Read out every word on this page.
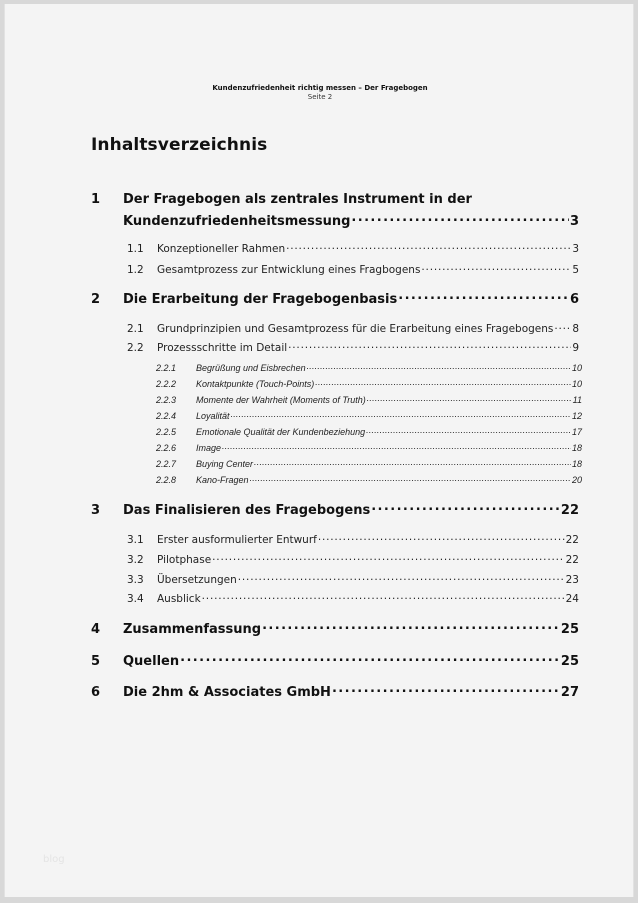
Kundenzufriedenheit richtig messen – Der Fragebogen
Seite 2
Inhaltsverzeichnis
1	Der Fragebogen als zentrales Instrument in der
Kundenzufriedenheitsmessung .....	3
1.1	Konzeptioneller Rahmen .....	3
1.2	Gesamtprozess zur Entwicklung eines Fragbogens .....	5
2	Die Erarbeitung der Fragebogenbasis .....	6
2.1	Grundprinzipien und Gesamtprozess für die Erarbeitung eines Fragebogens ..... 8
2.2	Prozessschritte im Detail .....	9
2.2.1	Begrüßung und Eisbrechen .....	10
2.2.2	Kontaktpunkte (Touch-Points) .....	10
2.2.3	Momente der Wahrheit (Moments of Truth) .....	11
2.2.4	Loyalität .....	12
2.2.5	Emotionale Qualität der Kundenbeziehung .....	17
2.2.6	Image .....	18
2.2.7	Buying Center .....	18
2.2.8	Kano-Fragen .....	20
3	Das Finalisieren des Fragebogens .....	22
3.1	Erster ausformulierter Entwurf .....	22
3.2	Pilotphase .....	22
3.3	Übersetzungen .....	23
3.4	Ausblick .....	24
4	Zusammenfassung .....	25
5	Quellen .....	25
6	Die 2hm & Associates GmbH .....	27
blog
